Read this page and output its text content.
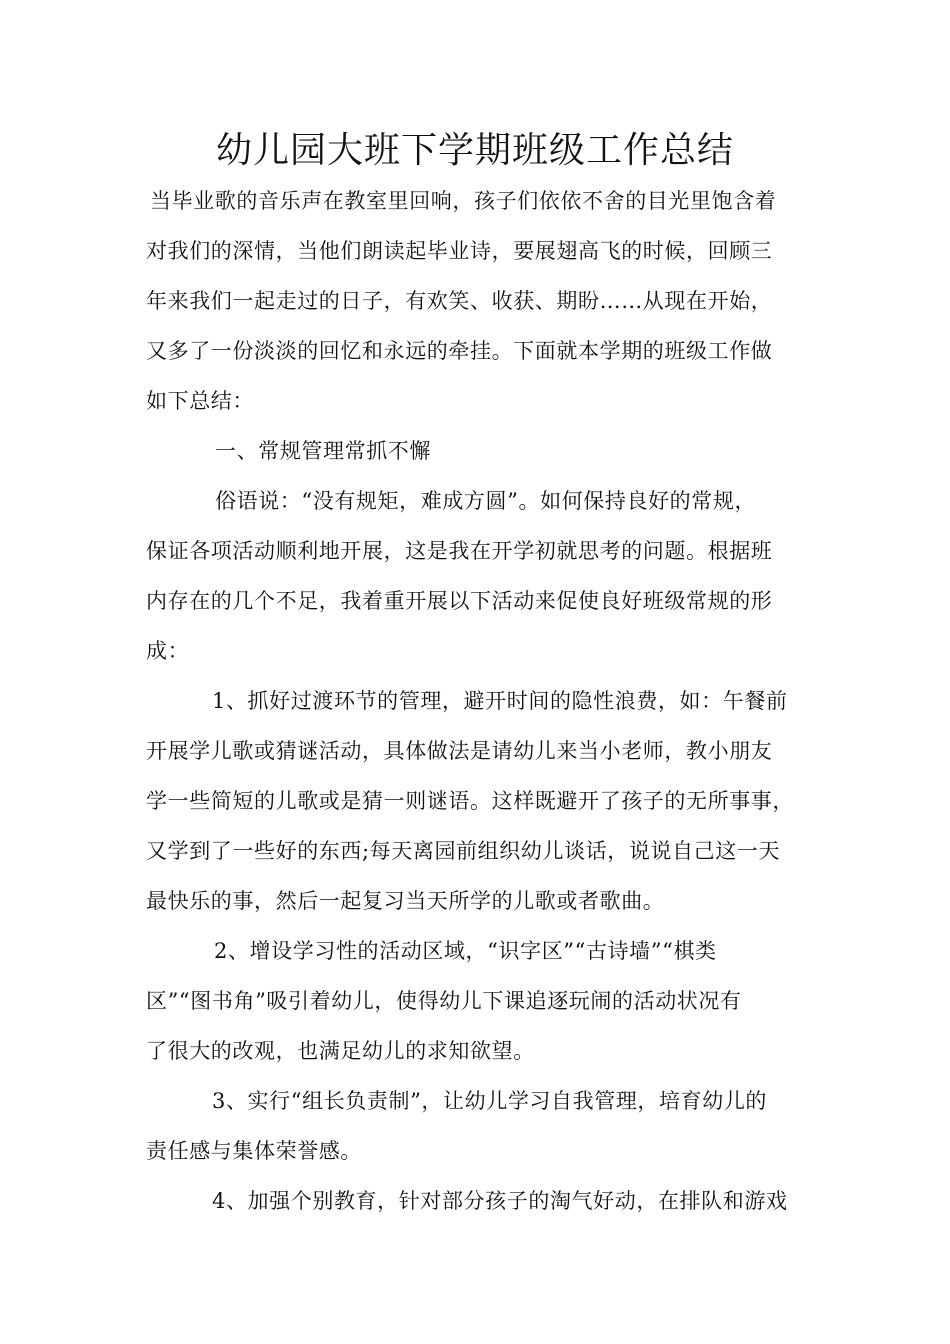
幼儿园大班下学期班级工作总结

当毕业歌的音乐声在教室里回响，孩子们依依不舍的目光里饱含着

对我们的深情，当他们朗读起毕业诗，要展翅高飞的时候，回顾三

年来我们一起走过的日子，有欢笑、收获、期盼……从现在开始，

又多了一份淡淡的回忆和永远的牵挂。下面就本学期的班级工作做

如下总结：

一、常规管理常抓不懈

俗语说：“没有规矩，难成方圆”。如何保持良好的常规，

保证各项活动顺利地开展，这是我在开学初就思考的问题。根据班

内存在的几个不足，我着重开展以下活动来促使良好班级常规的形

成：

1、抓好过渡环节的管理，避开时间的隐性浪费，如：午餐前

开展学儿歌或猜谜活动，具体做法是请幼儿来当小老师，教小朋友

学一些简短的儿歌或是猜一则谜语。这样既避开了孩子的无所事事，

又学到了一些好的东西;每天离园前组织幼儿谈话，说说自己这一天

最快乐的事，然后一起复习当天所学的儿歌或者歌曲。

2、增设学习性的活动区域，“识字区”“古诗墙”“棋类

区”“图书角”吸引着幼儿，使得幼儿下课追逐玩闹的活动状况有

了很大的改观，也满足幼儿的求知欲望。

3、实行“组长负责制”，让幼儿学习自我管理，培育幼儿的

责任感与集体荣誉感。

4、加强个别教育，针对部分孩子的淘气好动，在排队和游戏
